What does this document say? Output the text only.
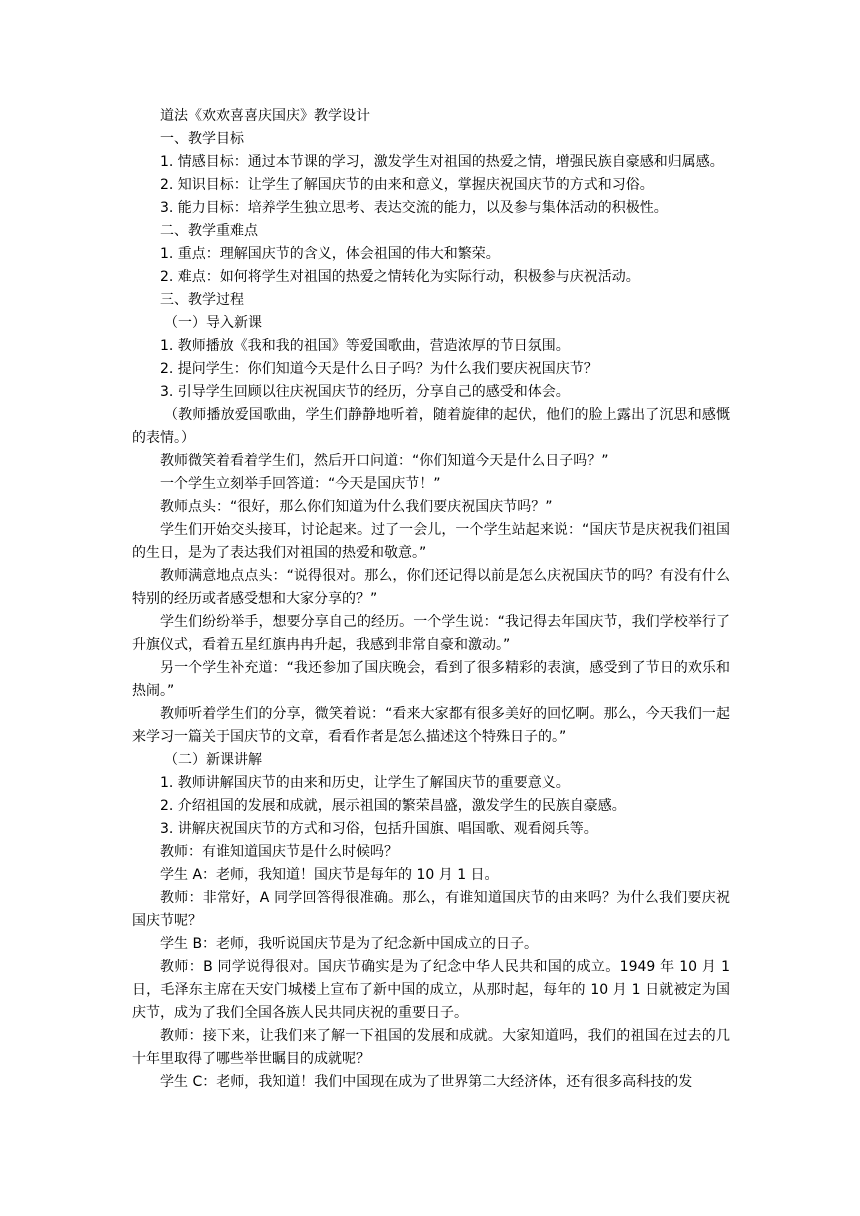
道法《欢欢喜喜庆国庆》教学设计

一、教学目标

1. 情感目标：通过本节课的学习，激发学生对祖国的热爱之情，增强民族自豪感和归属感。

2. 知识目标：让学生了解国庆节的由来和意义，掌握庆祝国庆节的方式和习俗。

3. 能力目标：培养学生独立思考、表达交流的能力，以及参与集体活动的积极性。

二、教学重难点

1. 重点：理解国庆节的含义，体会祖国的伟大和繁荣。

2. 难点：如何将学生对祖国的热爱之情转化为实际行动，积极参与庆祝活动。

三、教学过程

（一）导入新课

1. 教师播放《我和我的祖国》等爱国歌曲，营造浓厚的节日氛围。

2. 提问学生：你们知道今天是什么日子吗？为什么我们要庆祝国庆节？

3. 引导学生回顾以往庆祝国庆节的经历，分享自己的感受和体会。

（教师播放爱国歌曲，学生们静静地听着，随着旋律的起伏，他们的脸上露出了沉思和感慨的表情。）

教师微笑着看着学生们，然后开口问道：“你们知道今天是什么日子吗？”

一个学生立刻举手回答道：“今天是国庆节！”

教师点头：“很好，那么你们知道为什么我们要庆祝国庆节吗？”

学生们开始交头接耳，讨论起来。过了一会儿，一个学生站起来说：“国庆节是庆祝我们祖国的生日，是为了表达我们对祖国的热爱和敬意。”

教师满意地点点头：“说得很对。那么，你们还记得以前是怎么庆祝国庆节的吗？有没有什么特别的经历或者感受想和大家分享的？”

学生们纷纷举手，想要分享自己的经历。一个学生说：“我记得去年国庆节，我们学校举行了升旗仪式，看着五星红旗冉冉升起，我感到非常自豪和激动。”

另一个学生补充道：“我还参加了国庆晚会，看到了很多精彩的表演，感受到了节日的欢乐和热闹。”

教师听着学生们的分享，微笑着说：“看来大家都有很多美好的回忆啊。那么，今天我们一起来学习一篇关于国庆节的文章，看看作者是怎么描述这个特殊日子的。”

（二）新课讲解

1. 教师讲解国庆节的由来和历史，让学生了解国庆节的重要意义。

2. 介绍祖国的发展和成就，展示祖国的繁荣昌盛，激发学生的民族自豪感。

3. 讲解庆祝国庆节的方式和习俗，包括升国旗、唱国歌、观看阅兵等。

教师：有谁知道国庆节是什么时候吗？

学生 A：老师，我知道！国庆节是每年的 10 月 1 日。

教师：非常好，A 同学回答得很准确。那么，有谁知道国庆节的由来吗？为什么我们要庆祝国庆节呢？

学生 B：老师，我听说国庆节是为了纪念新中国成立的日子。

教师：B 同学说得很对。国庆节确实是为了纪念中华人民共和国的成立。1949 年 10 月 1 日，毛泽东主席在天安门城楼上宣布了新中国的成立，从那时起，每年的 10 月 1 日就被定为国庆节，成为了我们全国各族人民共同庆祝的重要日子。

教师：接下来，让我们来了解一下祖国的发展和成就。大家知道吗，我们的祖国在过去的几十年里取得了哪些举世瞩目的成就呢？

学生 C：老师，我知道！我们中国现在成为了世界第二大经济体，还有很多高科技的发
